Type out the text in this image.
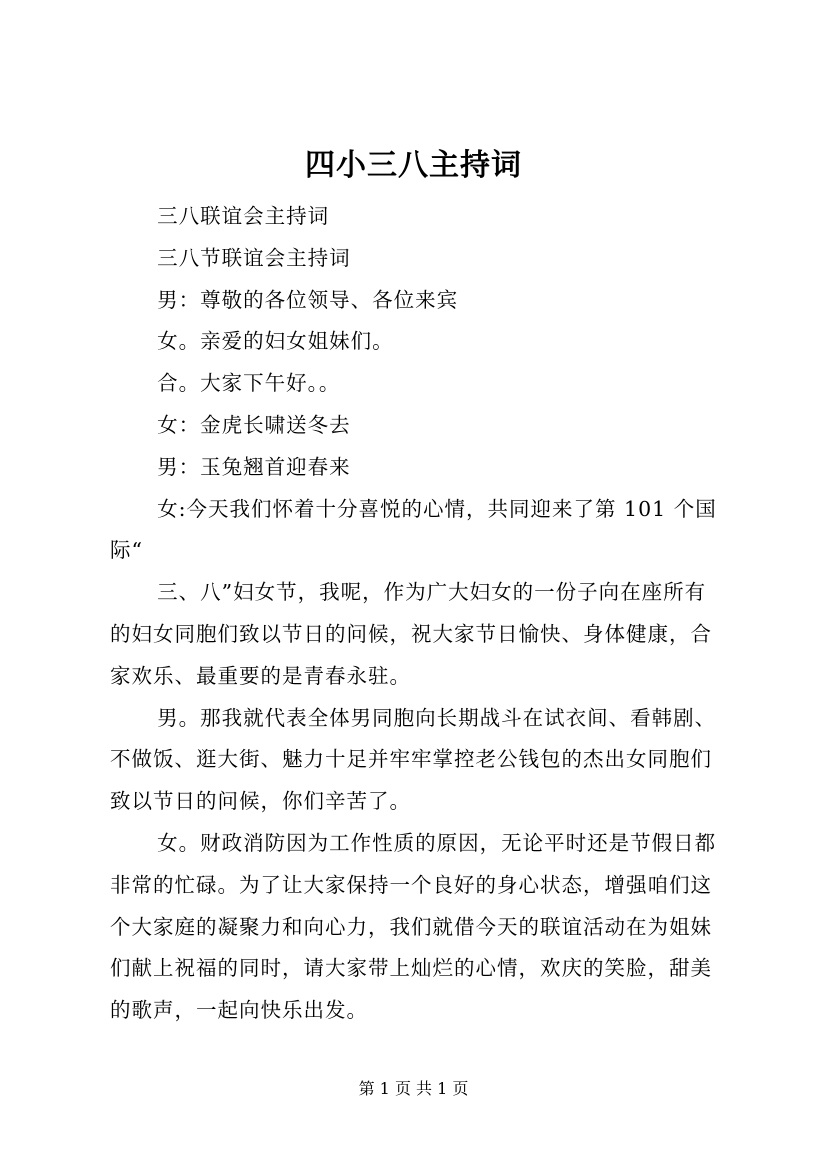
四小三八主持词

三八联谊会主持词

三八节联谊会主持词

男：尊敬的各位领导、各位来宾

女。亲爱的妇女姐妹们。

合。大家下午好。。

女：金虎长啸送冬去

男：玉兔翘首迎春来

女:今天我们怀着十分喜悦的心情，共同迎来了第 101 个国
际“

三、八”妇女节，我呢，作为广大妇女的一份子向在座所有
的妇女同胞们致以节日的问候，祝大家节日愉快、身体健康，合
家欢乐、最重要的是青春永驻。

男。那我就代表全体男同胞向长期战斗在试衣间、看韩剧、
不做饭、逛大街、魅力十足并牢牢掌控老公钱包的杰出女同胞们
致以节日的问候，你们辛苦了。

女。财政消防因为工作性质的原因，无论平时还是节假日都
非常的忙碌。为了让大家保持一个良好的身心状态，增强咱们这
个大家庭的凝聚力和向心力，我们就借今天的联谊活动在为姐妹
们献上祝福的同时，请大家带上灿烂的心情，欢庆的笑脸，甜美
的歌声，一起向快乐出发。

第 1 页 共 1 页
